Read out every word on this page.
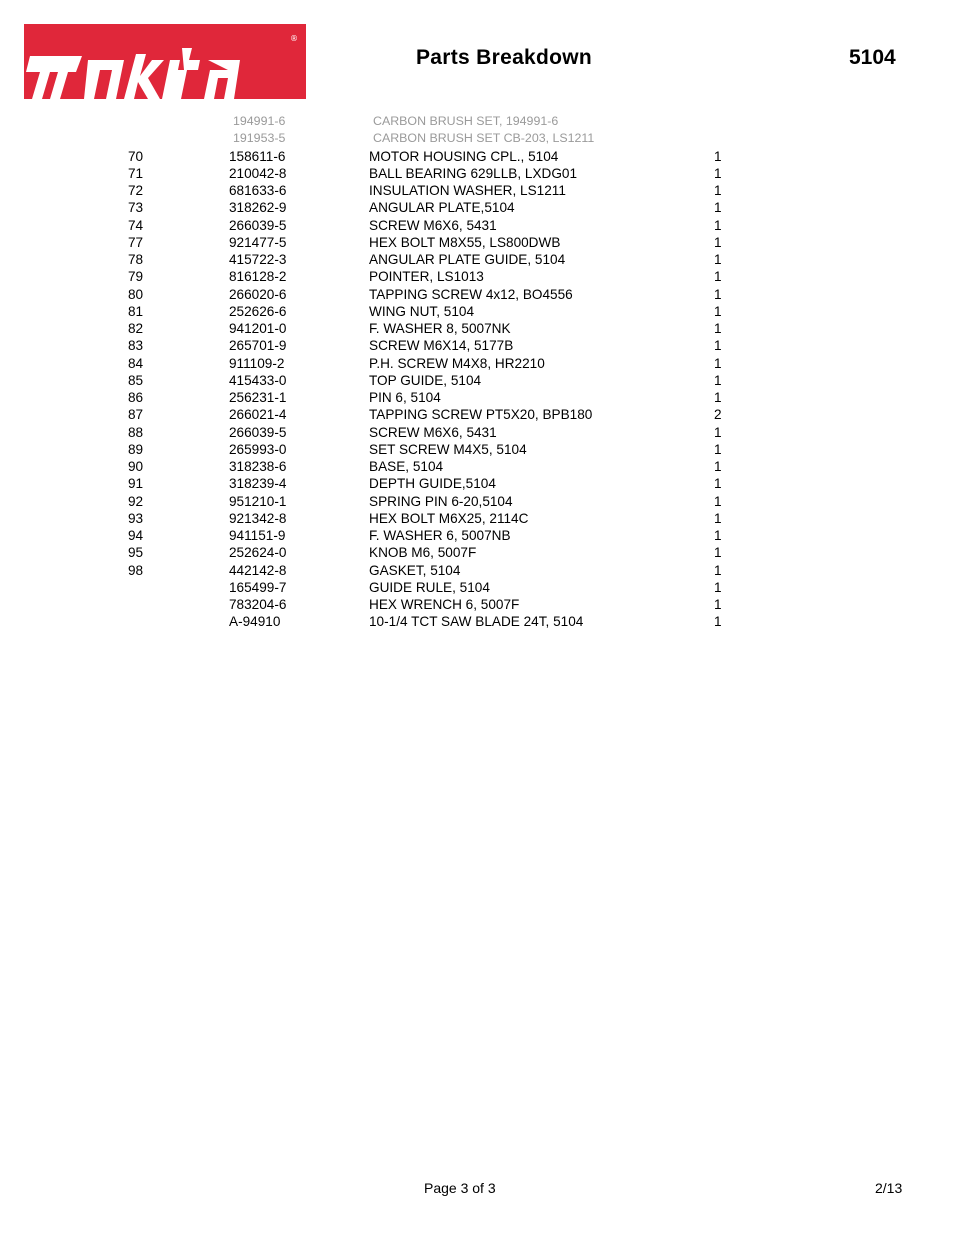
®
Parts Breakdown	5104
194991-6	CARBON BRUSH SET, 194991-6
191953-5	CARBON BRUSH SET CB-203, LS1211
70	158611-6	MOTOR HOUSING CPL., 5104	1
71	210042-8	BALL BEARING 629LLB, LXDG01	1
72	681633-6	INSULATION WASHER, LS1211	1
73	318262-9	ANGULAR PLATE,5104	1
74	266039-5	SCREW M6X6, 5431	1
77	921477-5	HEX BOLT M8X55, LS800DWB	1
78	415722-3	ANGULAR PLATE GUIDE, 5104	1
79	816128-2	POINTER, LS1013	1
80	266020-6	TAPPING SCREW 4x12, BO4556	1
81	252626-6	WING NUT, 5104	1
82	941201-0	F. WASHER 8, 5007NK	1
83	265701-9	SCREW M6X14, 5177B	1
84	911109-2	P.H. SCREW M4X8, HR2210	1
85	415433-0	TOP GUIDE, 5104	1
86	256231-1	PIN 6, 5104	1
87	266021-4	TAPPING SCREW PT5X20, BPB180	2
88	266039-5	SCREW M6X6, 5431	1
89	265993-0	SET SCREW M4X5, 5104	1
90	318238-6	BASE, 5104	1
91	318239-4	DEPTH GUIDE,5104	1
92	951210-1	SPRING PIN 6-20,5104	1
93	921342-8	HEX BOLT M6X25, 2114C	1
94	941151-9	F. WASHER 6, 5007NB	1
95	252624-0	KNOB M6, 5007F	1
98	442142-8	GASKET, 5104	1
165499-7	GUIDE RULE, 5104	1
783204-6	HEX WRENCH 6, 5007F	1
A-94910	10-1/4 TCT SAW BLADE 24T, 5104	1
Page 3 of 3	2/13
